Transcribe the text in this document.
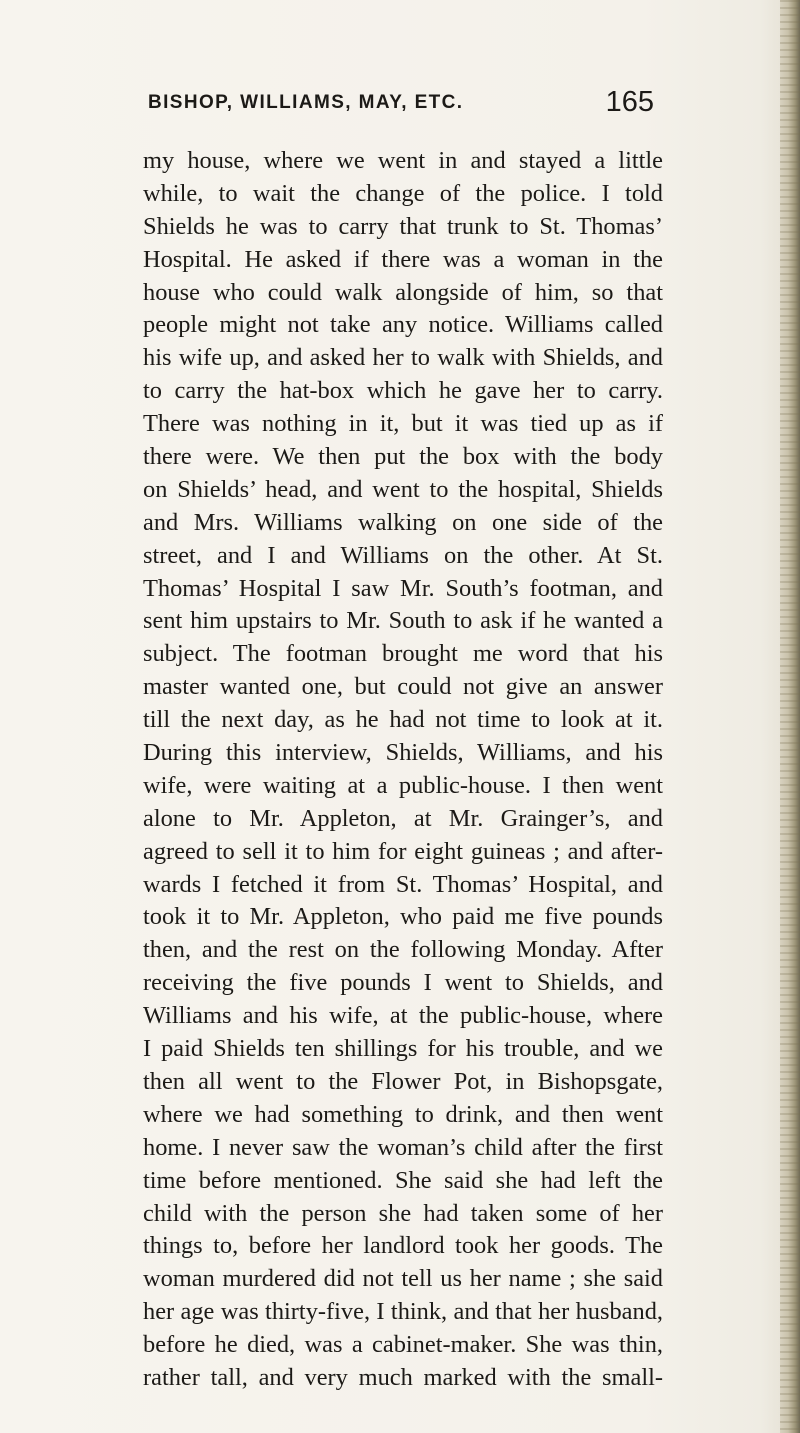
BISHOP, WILLIAMS, MAY, ETC.	165
my house, where we went in and stayed a little
while, to wait the change of the police. I told
Shields he was to carry that trunk to St. Thomas’
Hospital. He asked if there was a woman in the
house who could walk alongside of him, so that
people might not take any notice. Williams called
his wife up, and asked her to walk with Shields, and
to carry the hat-box which he gave her to carry.
There was nothing in it, but it was tied up as if
there were. We then put the box with the body
on Shields’ head, and went to the hospital, Shields
and Mrs. Williams walking on one side of the
street, and I and Williams on the other. At St.
Thomas’ Hospital I saw Mr. South’s footman, and
sent him upstairs to Mr. South to ask if he wanted a
subject. The footman brought me word that his
master wanted one, but could not give an answer
till the next day, as he had not time to look at it.
During this interview, Shields, Williams, and his
wife, were waiting at a public-house. I then went
alone to Mr. Appleton, at Mr. Grainger’s, and
agreed to sell it to him for eight guineas ; and after-
wards I fetched it from St. Thomas’ Hospital, and
took it to Mr. Appleton, who paid me five pounds
then, and the rest on the following Monday. After
receiving the five pounds I went to Shields, and
Williams and his wife, at the public-house, where
I paid Shields ten shillings for his trouble, and we
then all went to the Flower Pot, in Bishopsgate,
where we had something to drink, and then went
home. I never saw the woman’s child after the first
time before mentioned. She said she had left the
child with the person she had taken some of her
things to, before her landlord took her goods. The
woman murdered did not tell us her name ; she said
her age was thirty-five, I think, and that her husband,
before he died, was a cabinet-maker. She was thin,
rather tall, and very much marked with the small-
